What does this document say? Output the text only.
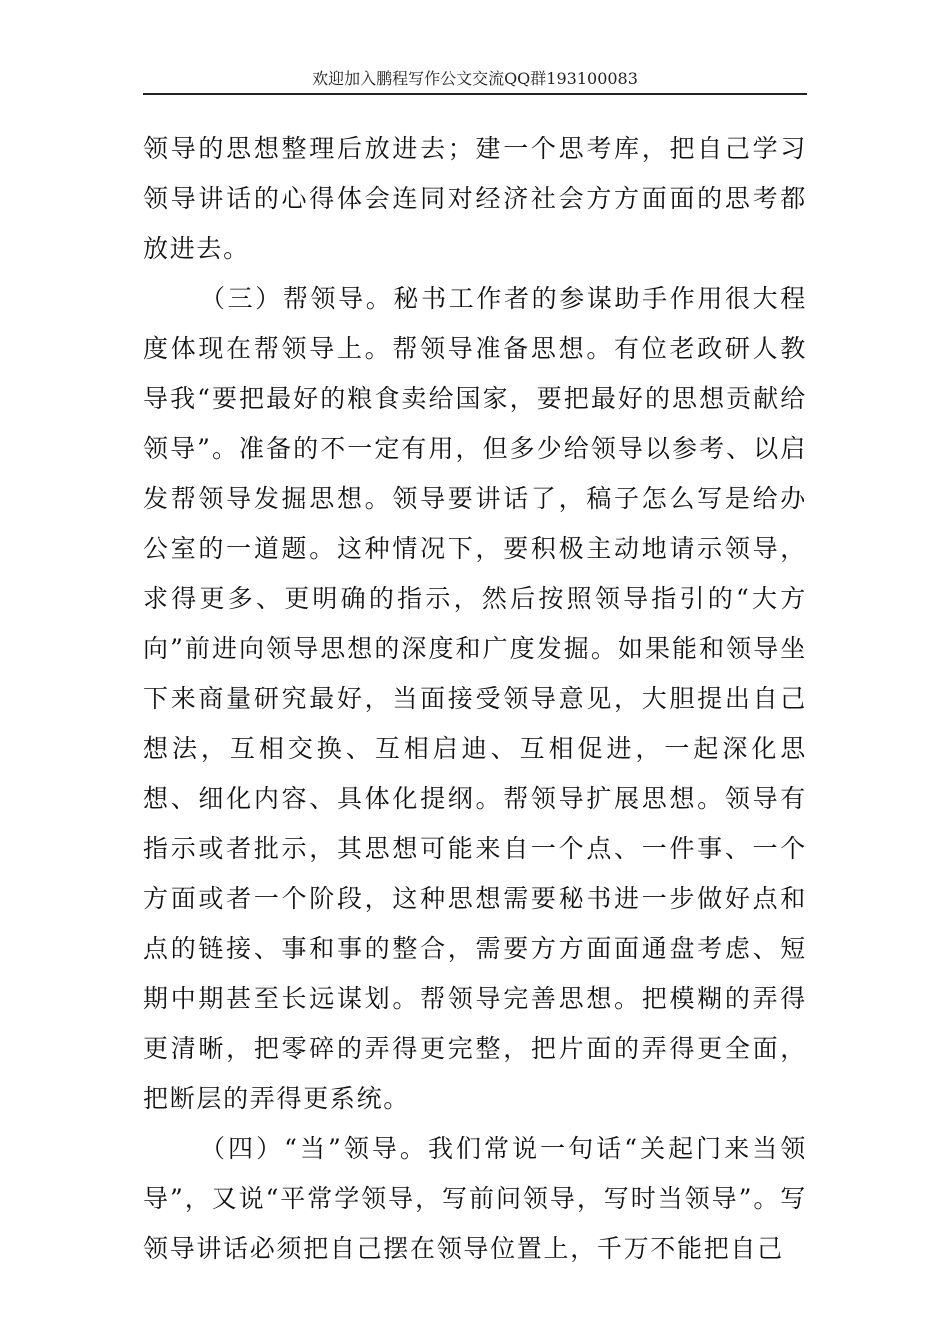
欢迎加入鹏程写作公文交流QQ群193100083

领导的思想整理后放进去；建一个思考库，把自己学习领导讲话的心得体会连同对经济社会方方面面的思考都放进去。

（三）帮领导。秘书工作者的参谋助手作用很大程度体现在帮领导上。帮领导准备思想。有位老政研人教导我“要把最好的粮食卖给国家，要把最好的思想贡献给领导”。准备的不一定有用，但多少给领导以参考、以启发帮领导发掘思想。领导要讲话了，稿子怎么写是给办公室的一道题。这种情况下，要积极主动地请示领导，求得更多、更明确的指示，然后按照领导指引的“大方向”前进向领导思想的深度和广度发掘。如果能和领导坐下来商量研究最好，当面接受领导意见，大胆提出自己想法，互相交换、互相启迪、互相促进，一起深化思想、细化内容、具体化提纲。帮领导扩展思想。领导有指示或者批示，其思想可能来自一个点、一件事、一个方面或者一个阶段，这种思想需要秘书进一步做好点和点的链接、事和事的整合，需要方方面面通盘考虑、短期中期甚至长远谋划。帮领导完善思想。把模糊的弄得更清晰，把零碎的弄得更完整，把片面的弄得更全面，把断层的弄得更系统。

（四）“当”领导。我们常说一句话“关起门来当领导”，又说“平常学领导，写前问领导，写时当领导”。写领导讲话必须把自己摆在领导位置上，千万不能把自己
